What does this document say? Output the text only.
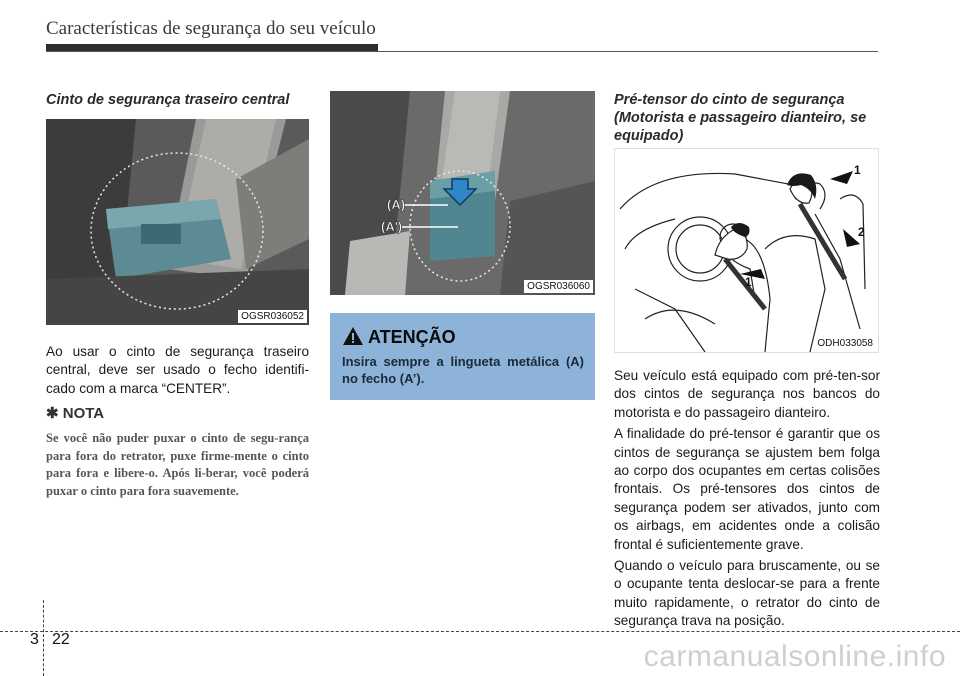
Características de segurança do seu veículo
Cinto de segurança traseiro central
OGSR036052
Ao usar o cinto de segurança traseiro central, deve ser usado o fecho identifi-cado com a marca “CENTER”.
✱ NOTA
Se você não puder puxar o cinto de segu-rança para fora do retrator, puxe firme-mente o cinto para fora e libere-o. Após li-berar, você poderá puxar o cinto para fora suavemente.
(A)
(A')
OGSR036060
ATENÇÃO
Insira sempre a lingueta metálica (A) no fecho (A’).
Pré-tensor do cinto de segurança (Motorista e passageiro dianteiro, se equipado)
1
2
1
ODH033058

Seu veículo está equipado com pré-ten-sor dos cintos de segurança nos bancos do motorista e do passageiro dianteiro.

A finalidade do pré-tensor é garantir que os cintos de segurança se ajustem bem folga ao corpo dos ocupantes em certas colisões frontais. Os pré-tensores dos cintos de segurança podem ser ativados, junto com os airbags, em acidentes onde a colisão frontal é suficientemente grave.

Quando o veículo para bruscamente, ou se o ocupante tenta deslocar-se para a frente muito rapidamente, o retrator do cinto de segurança trava na posição.

3 22
carmanualsonline.info
